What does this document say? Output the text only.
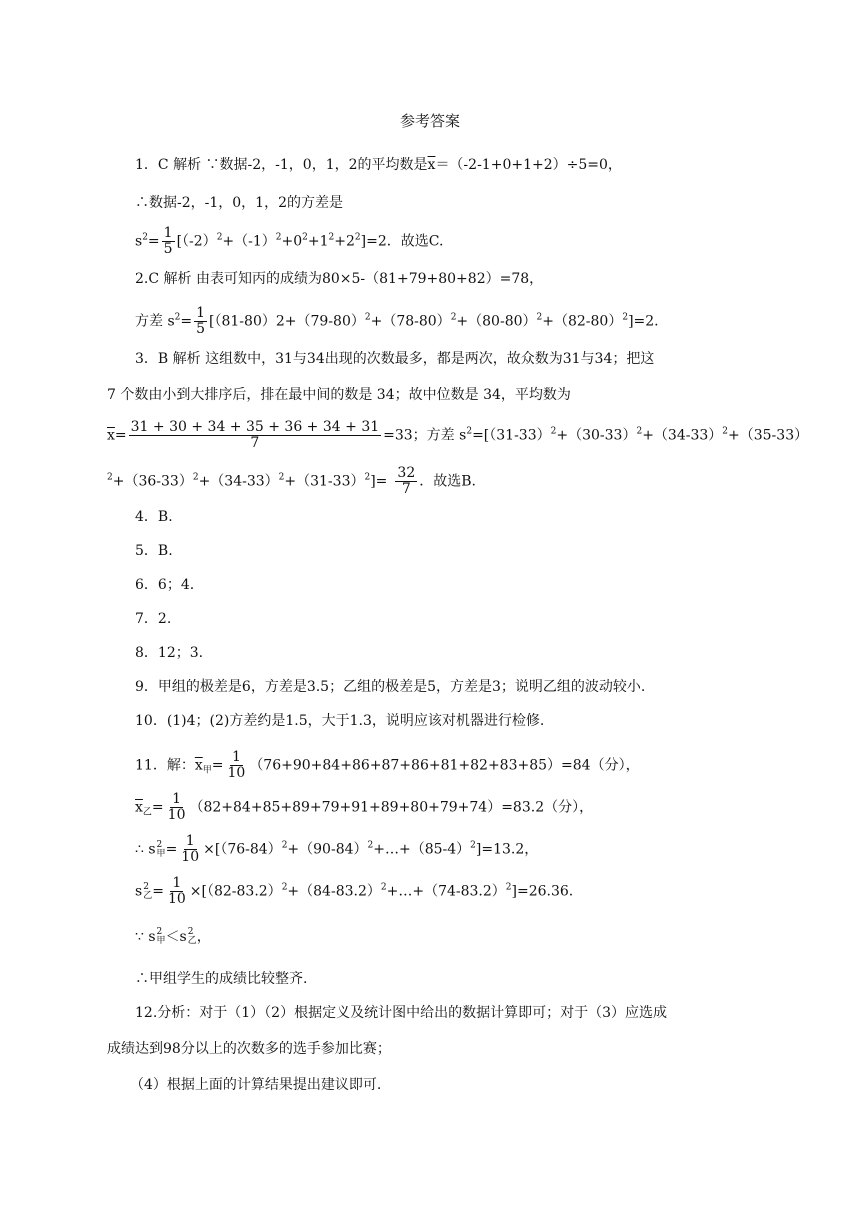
参考答案
1．C 解析 ∵数据-2，-1，0，1，2的平均数是$\overline{x}=(-2-1+0+1+2)\div 5=0$，
∴数据-2，-1，0，1，2的方差是
$s^2= \frac{1}{5} [(-2)^2+(-1)^2+0^2+1^2+2^2]=2$．故选C.
2.C 解析 由表可知丙的成绩为80×5-（81+79+80+82）=78，
方差 $s^2= \frac{1}{5} [(81-80)2+(79-80)^2+(78-80)^2+(80-80)^2+(82-80)^2]=2$.
3．B 解析 这组数中，31与34出现的次数最多，都是两次，故众数为31与34；把这
7 个数由小到大排序后，排在最中间的数是 34；故中位数是 34，平均数为
$\overline{x}= \frac{31 + 30 + 34 + 35 + 36 + 34 + 31}{7} =33$；方差 $s^2=[(31-33)^2+(30-33)^2+(34-33)^2+(35-33)$
$^2+(36-33)^2+(34-33)^2+(31-33)^2]= \frac{32}{7}$ ．故选B.
4．B.
5．B.
6．6；4.
7．2.
8．12；3.
9．甲组的极差是6，方差是3.5；乙组的极差是5，方差是3；说明乙组的波动较小.
10．(1)4；(2)方差约是1.5，大于1.3，说明应该对机器进行检修.
11．解：$\overline{x}_甲= \frac{1}{10} (76+90+84+86+87+86+81+82+83+85)=84$（分），
$\overline{x}_乙= \frac{1}{10} (82+84+85+89+79+91+89+80+79+74)=83.2$（分），
∴ s 2
甲 = $\frac{1}{10}$ $\times[(76-84)^2+(90-84)^2+\dots+(85-4)^2]=13.2$，
s 2
乙 = $\frac{1}{10}$ $\times[(82-83.2)^2+(84-83.2)^2+\dots+(74-83.2)^2]=26.36$.
∵ s 2
甲 ＜s 2
乙 ，
∴甲组学生的成绩比较整齐.
12.分析：对于（1）（2）根据定义及统计图中给出的数据计算即可；对于（3）应选成
成绩达到98分以上的次数多的选手参加比赛；
（4）根据上面的计算结果提出建议即可.
